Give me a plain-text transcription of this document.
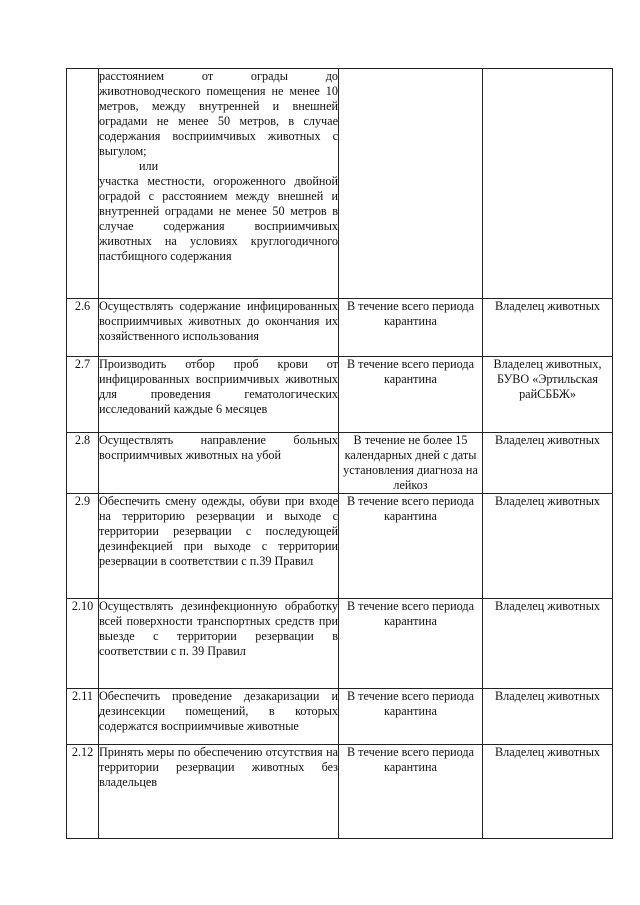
	расстоянием от ограды до животноводческого помещения не менее 10 метров, между внутренней и внешней оградами не менее 50 метров, в случае содержания восприимчивых животных с выгулом;
или
участка местности, огороженного двойной оградой с расстоянием между внешней и внутренней оградами не менее 50 метров в случае содержания восприимчивых животных на условиях круглогодичного пастбищного содержания		

2.6	Осуществлять содержание инфицированных восприимчивых животных до окончания их хозяйственного использования	В течение всего периода карантина	Владелец животных
2.7	Производить отбор проб крови от инфицированных восприимчивых животных для проведения гематологических исследований каждые 6 месяцев	В течение всего периода карантина	Владелец животных, БУВО «Эртильская райСББЖ»
2.8	Осуществлять направление больных восприимчивых животных на убой	В течение не более 15 календарных дней с даты установления диагноза на лейкоз	Владелец животных
2.9	Обеспечить смену одежды, обуви при входе на территорию резервации и выходе с территории резервации с последующей дезинфекцией при выходе с территории резервации в соответствии с п.39 Правил	В течение всего периода карантина	Владелец животных
2.10	Осуществлять дезинфекционную обработку всей поверхности транспортных средств при выезде с территории резервации в соответствии с п. 39 Правил	В течение всего периода карантина	Владелец животных
2.11	Обеспечить проведение дезакаризации и дезинсекции помещений, в которых содержатся восприимчивые животные	В течение всего периода карантина	Владелец животных
2.12	Принять меры по обеспечению отсутствия на территории резервации животных без владельцев	В течение всего периода карантина	Владелец животных
